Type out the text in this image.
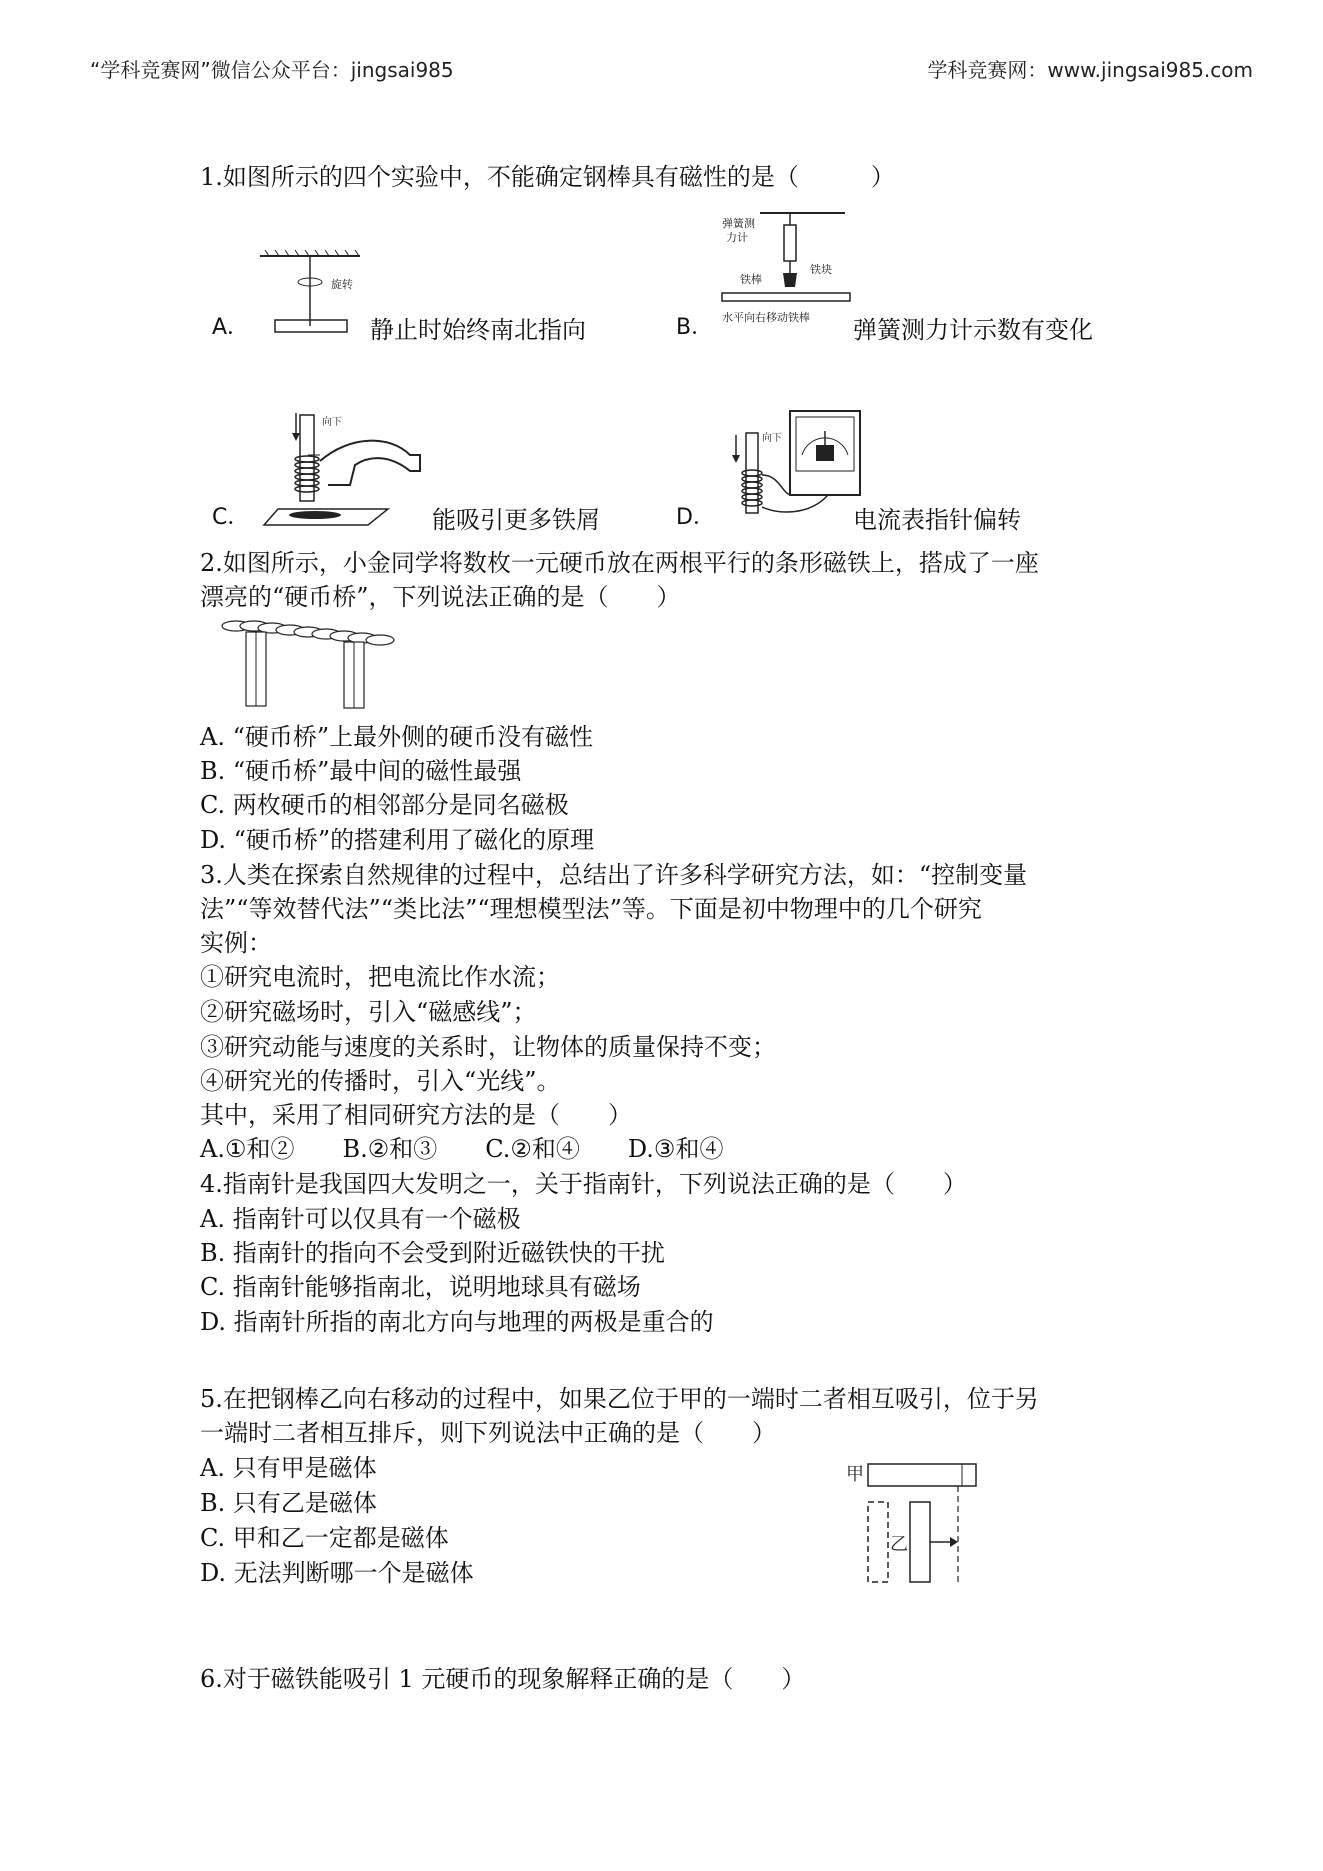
“学科竞赛网”微信公众平台：jingsai985	学科竞赛网：www.jingsai985.com
1.如图所示的四个实验中，不能确定钢棒具有磁性的是（　　　）
A．
旋转
静止时始终南北指向	B．
弹簧测
力计
铁块
铁棒
水平向右移动铁棒 弹簧测力计示数有变化
C．
向下
能吸引更多铁屑	D．
向下
电流表指针偏转
2.如图所示，小金同学将数枚一元硬币放在两根平行的条形磁铁上，搭成了一座
漂亮的“硬币桥”，下列说法正确的是（　　）
A. “硬币桥”上最外侧的硬币没有磁性
B. “硬币桥”最中间的磁性最强
C. 两枚硬币的相邻部分是同名磁极
D. “硬币桥”的搭建利用了磁化的原理
3.人类在探索自然规律的过程中，总结出了许多科学研究方法，如：“控制变量
法”“等效替代法”“类比法”“理想模型法”等。下面是初中物理中的几个研究
实例：
①研究电流时，把电流比作水流；
②研究磁场时，引入“磁感线”；
③研究动能与速度的关系时，让物体的质量保持不变；
④研究光的传播时，引入“光线”。
其中，采用了相同研究方法的是（　　）
A.①和②　　B.②和③　　C.②和④　　D.③和④
4.指南针是我国四大发明之一，关于指南针，下列说法正确的是（　　）
A. 指南针可以仅具有一个磁极
B. 指南针的指向不会受到附近磁铁快的干扰
C. 指南针能够指南北，说明地球具有磁场
D. 指南针所指的南北方向与地理的两极是重合的
5.在把钢棒乙向右移动的过程中，如果乙位于甲的一端时二者相互吸引，位于另
一端时二者相互排斥，则下列说法中正确的是（　　）
A. 只有甲是磁体
B. 只有乙是磁体
C. 甲和乙一定都是磁体
D. 无法判断哪一个是磁体
甲
乙
6.对于磁铁能吸引 1 元硬币的现象解释正确的是（　　）
